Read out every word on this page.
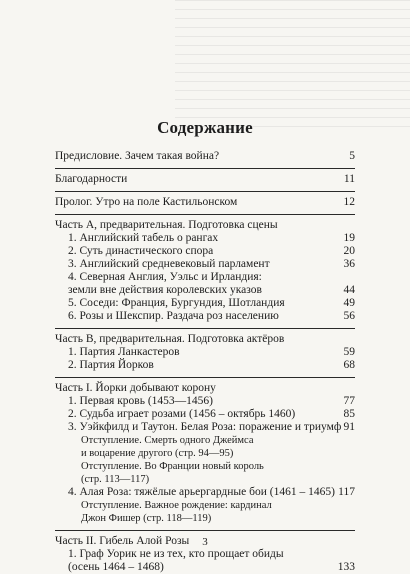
Содержание
Предисловие. Зачем такая война?	5
Благодарности	11
Пролог. Утро на поле Кастильонском	12
Часть А, предварительная. Подготовка сцены
1. Английский табель о рангах	19
2. Суть династического спора	20
3. Английский средневековый парламент	36
4. Северная Англия, Уэльс и Ирландия:
земли вне действия королевских указов	44
5. Соседи: Франция, Бургундия, Шотландия	49
6. Розы и Шекспир. Раздача роз населению	56
Часть B, предварительная. Подготовка актёров
1. Партия Ланкастеров	59
2. Партия Йорков	68
Часть I. Йорки добывают корону
1. Первая кровь (1453—1456)	77
2. Судьба играет розами (1456 – октябрь 1460)	85
3. Уэйкфилд и Таутон. Белая Роза: поражение и триумф 91
Отступление. Смерть одного Джеймса
и воцарение другого (стр. 94—95)
Отступление. Во Франции новый король
(стр. 113—117)
4. Алая Роза: тяжёлые арьергардные бои (1461 – 1465) 117
Отступление. Важное рождение: кардинал
Джон Фишер (стр. 118—119)
Часть II. Гибель Алой Розы
1. Граф Уорик не из тех, кто прощает обиды
(осень 1464 – 1468)	133
3
